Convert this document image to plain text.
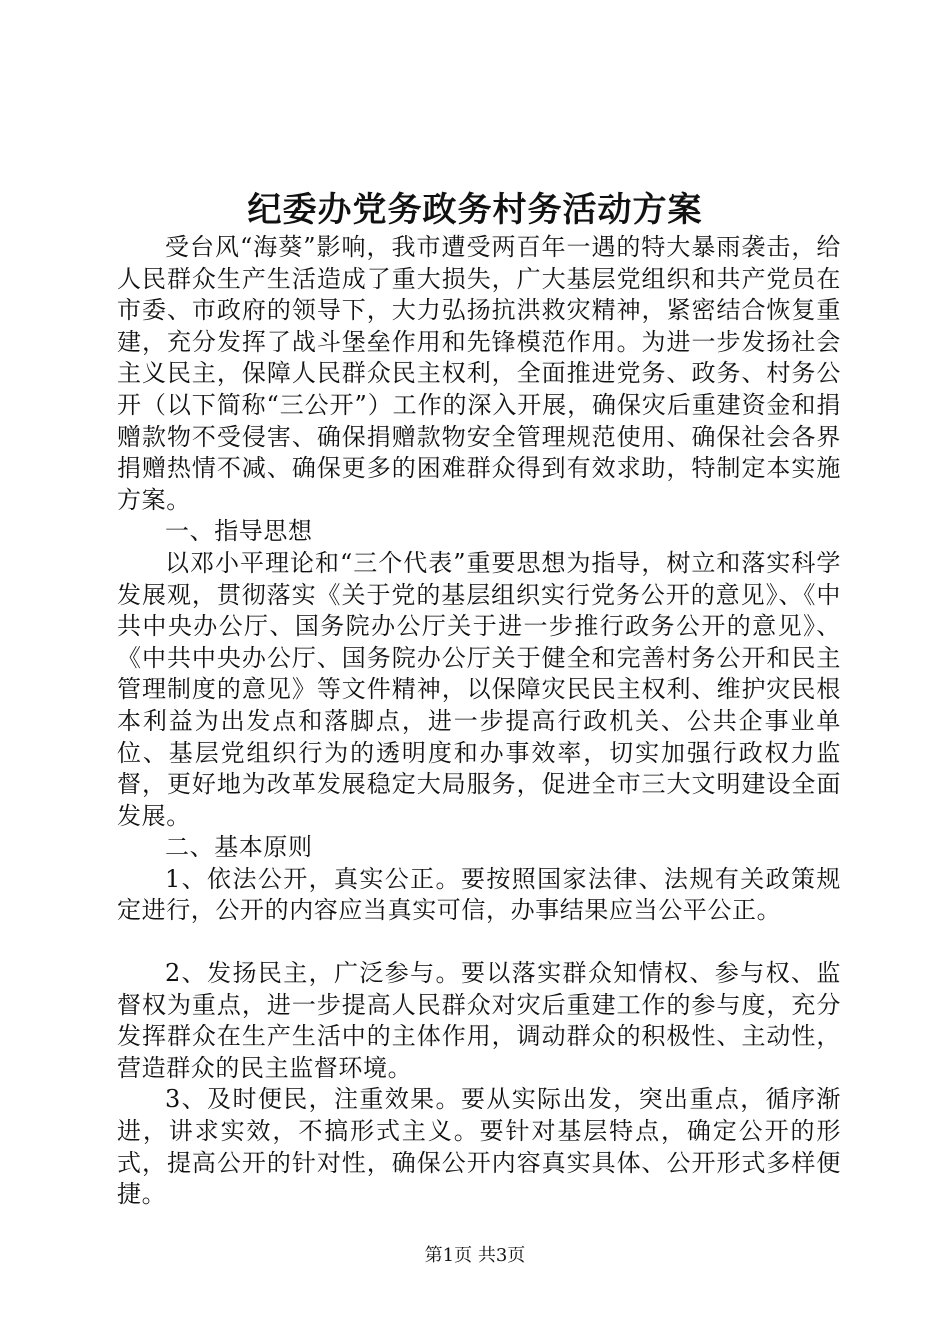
纪委办党务政务村务活动方案

受台风“海葵”影响，我市遭受两百年一遇的特大暴雨袭击，给人民群众生产生活造成了重大损失，广大基层党组织和共产党员在市委、市政府的领导下，大力弘扬抗洪救灾精神，紧密结合恢复重建，充分发挥了战斗堡垒作用和先锋模范作用。为进一步发扬社会主义民主，保障人民群众民主权利，全面推进党务、政务、村务公开（以下简称“三公开”）工作的深入开展，确保灾后重建资金和捐赠款物不受侵害、确保捐赠款物安全管理规范使用、确保社会各界捐赠热情不减、确保更多的困难群众得到有效求助，特制定本实施方案。

一、指导思想

以邓小平理论和“三个代表”重要思想为指导，树立和落实科学发展观，贯彻落实《关于党的基层组织实行党务公开的意见》、《中共中央办公厅、国务院办公厅关于进一步推行政务公开的意见》、《中共中央办公厅、国务院办公厅关于健全和完善村务公开和民主管理制度的意见》等文件精神，以保障灾民民主权利、维护灾民根本利益为出发点和落脚点，进一步提高行政机关、公共企事业单位、基层党组织行为的透明度和办事效率，切实加强行政权力监督，更好地为改革发展稳定大局服务，促进全市三大文明建设全面发展。

二、基本原则

1、依法公开，真实公正。要按照国家法律、法规有关政策规定进行，公开的内容应当真实可信，办事结果应当公平公正。

2、发扬民主，广泛参与。要以落实群众知情权、参与权、监督权为重点，进一步提高人民群众对灾后重建工作的参与度，充分发挥群众在生产生活中的主体作用，调动群众的积极性、主动性，营造群众的民主监督环境。

3、及时便民，注重效果。要从实际出发，突出重点，循序渐进，讲求实效，不搞形式主义。要针对基层特点，确定公开的形式，提高公开的针对性，确保公开内容真实具体、公开形式多样便捷。

第1页 共3页
